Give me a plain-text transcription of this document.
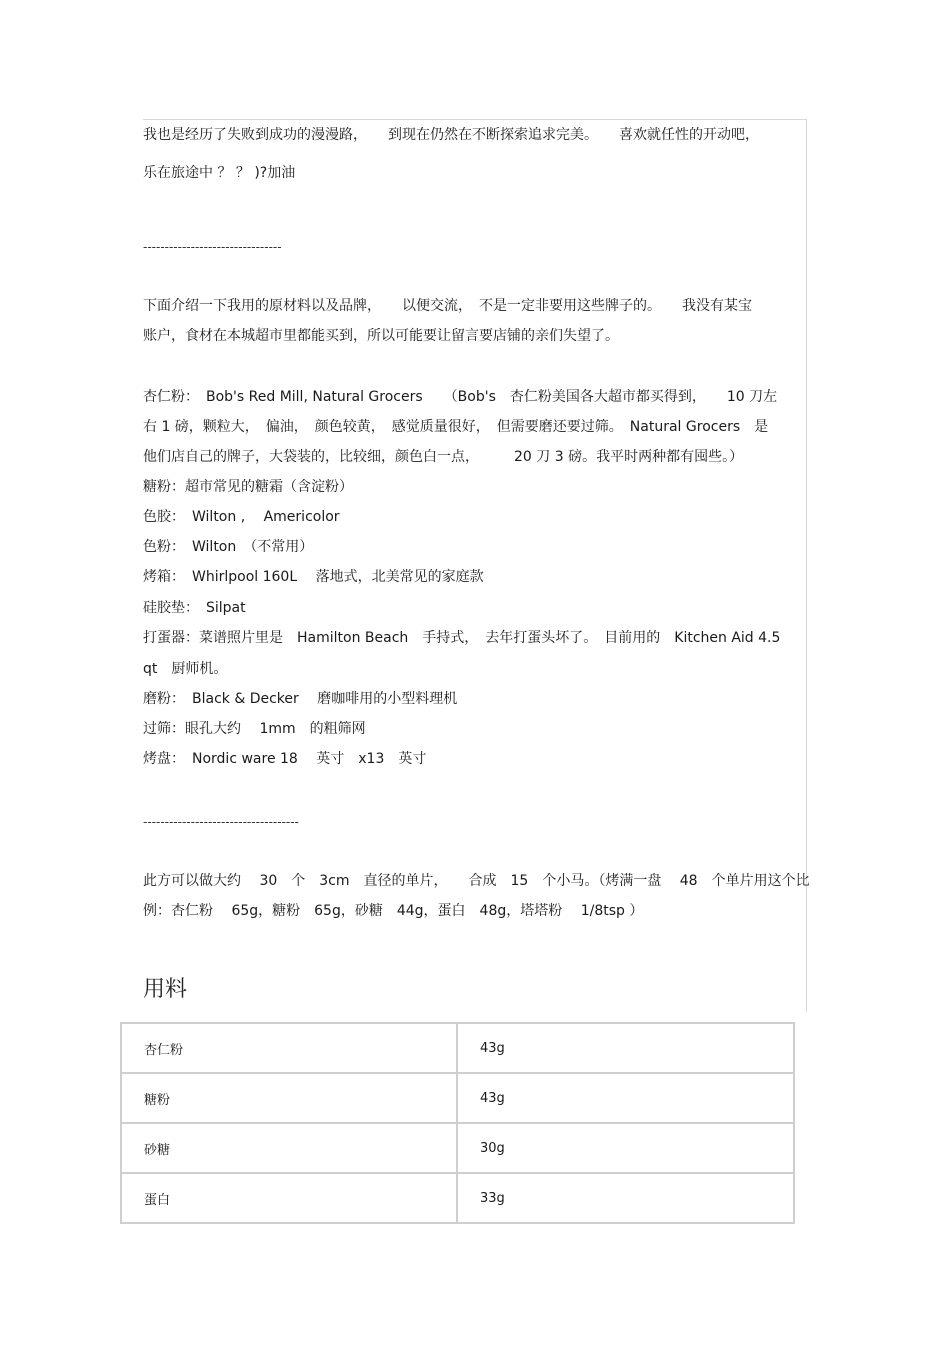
我也是经历了失败到成功的漫漫路，　　到现在仍然在不断探索追求完美。　　喜欢就任性的开动吧，

乐在旅途中 ？ ？ )?加油

--------------------------------

下面介绍一下我用的原材料以及品牌，　　以便交流，　不是一定非要用这些牌子的。　　我没有某宝

账户，食材在本城超市里都能买到，所以可能要让留言要店铺的亲们失望了。

杏仁粉：　Bob's Red Mill, Natural Grocers　　（Bob's　杏仁粉美国各大超市都买得到，　　10 刀左

右 1 磅，颗粒大，　偏油，　颜色较黄，　感觉质量很好，　但需要磨还要过筛。　Natural Grocers　是

他们店自己的牌子，大袋装的，比较细，颜色白一点，　　　20 刀 3 磅。我平时两种都有囤些。）

糖粉：超市常见的糖霜（含淀粉）

色胶：　Wilton ,　 Americolor

色粉：　Wilton　（不常用）

烤箱：　Whirlpool 160L　 落地式，北美常见的家庭款

硅胶垫：　Silpat

打蛋器：菜谱照片里是　Hamilton Beach　手持式，　去年打蛋头坏了。　目前用的　Kitchen Aid 4.5

qt　厨师机。

磨粉：　Black & Decker　 磨咖啡用的小型料理机

过筛：眼孔大约　 1mm　的粗筛网

烤盘：　Nordic ware 18　 英寸　x13　英寸

------------------------------------

此方可以做大约　 30　个　3cm　直径的单片，　　合成　15　个小马。（烤满一盘　 48　个单片用这个比

例：杏仁粉　 65g，糖粉　65g，砂糖　44g，蛋白　48g，塔塔粉　 1/8tsp ）

用料
杏仁粉	43g
糖粉	43g
砂糖	30g
蛋白	33g
